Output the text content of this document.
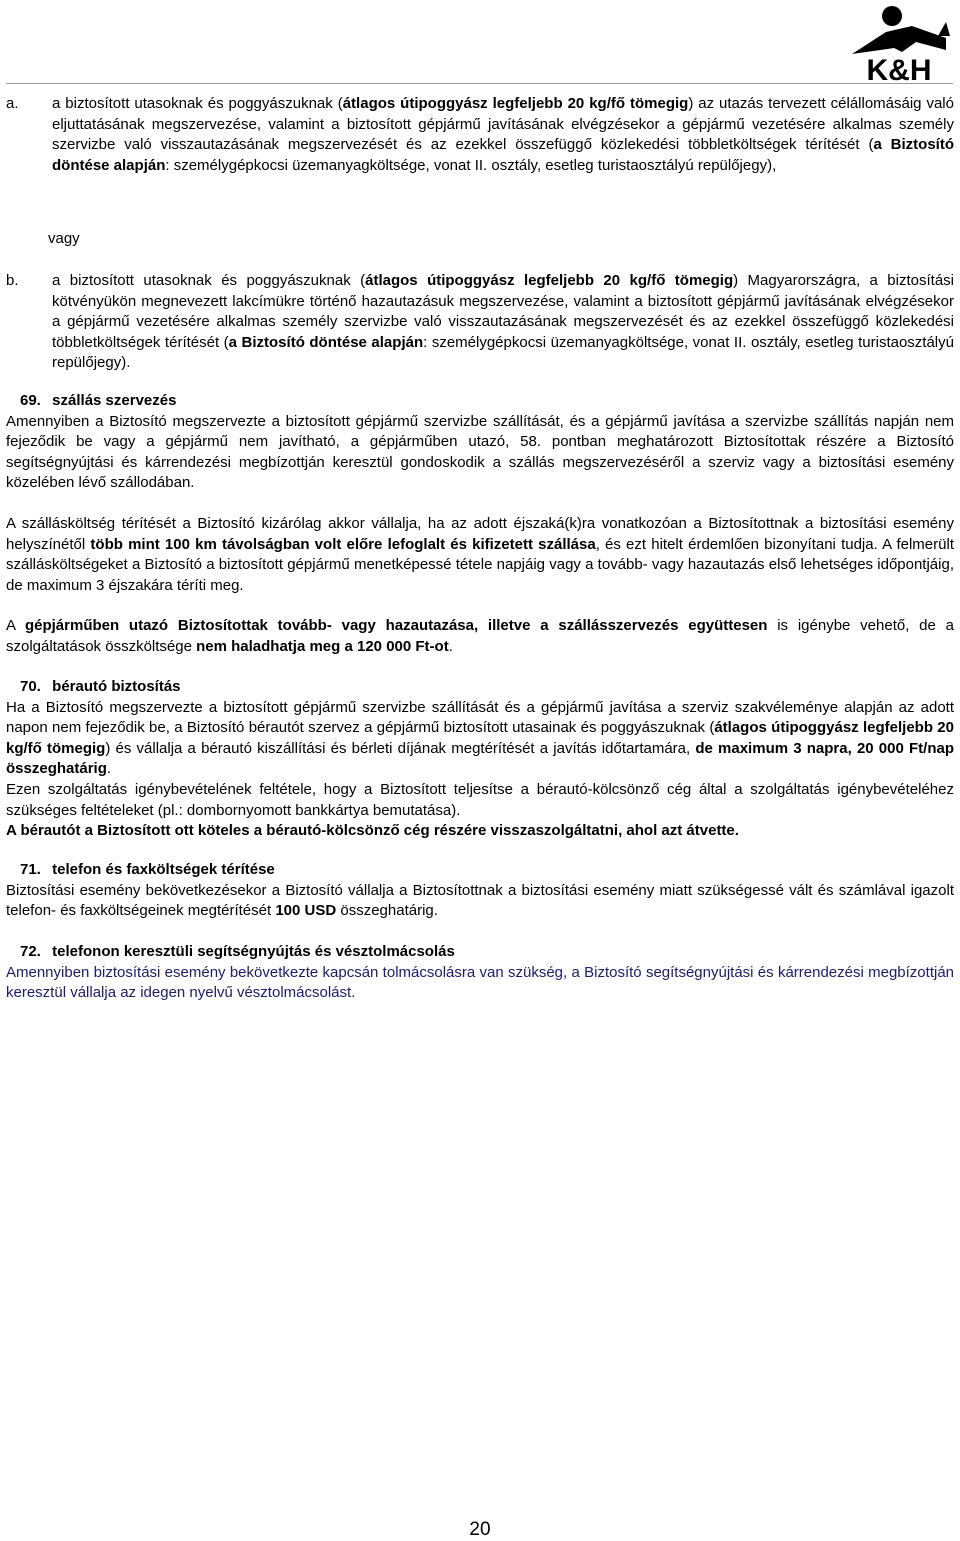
K&H
a. a biztosított utasoknak és poggyászuknak (átlagos útipoggyász legfeljebb 20 kg/fő tömegig) az utazás tervezett célállomásáig való eljuttatásának megszervezése, valamint a biztosított gépjármű javításának elvégzésekor a gépjármű vezetésére alkalmas személy szervizbe való visszautazásának megszervezését és az ezekkel összefüggő közlekedési többletköltségek térítését (a Biztosító döntése alapján: személygépkocsi üzemanyagköltsége, vonat II. osztály, esetleg turistaosztályú repülőjegy),

vagy
b. a biztosított utasoknak és poggyászuknak (átlagos útipoggyász legfeljebb 20 kg/fő tömegig) Magyarországra, a biztosítási kötvényükön megnevezett lakcímükre történő hazautazásuk megszervezése, valamint a biztosított gépjármű javításának elvégzésekor a gépjármű vezetésére alkalmas személy szervizbe való visszautazásának megszervezését és az ezekkel összefüggő közlekedési többletköltségek térítését (a Biztosító döntése alapján: személygépkocsi üzemanyagköltsége, vonat II. osztály, esetleg turistaosztályú repülőjegy).

69. szállás szervezés

Amennyiben a Biztosító megszervezte a biztosított gépjármű szervizbe szállítását, és a gépjármű javítása a szervizbe szállítás napján nem fejeződik be vagy a gépjármű nem javítható, a gépjárműben utazó, 58. pontban meghatározott Biztosítottak részére a Biztosító segítségnyújtási és kárrendezési megbízottján keresztül gondoskodik a szállás megszervezéséről a szerviz vagy a biztosítási esemény közelében lévő szállodában.

A szállásköltség térítését a Biztosító kizárólag akkor vállalja, ha az adott éjszaká(k)ra vonatkozóan a Biztosítottnak a biztosítási esemény helyszínétől több mint 100 km távolságban volt előre lefoglalt és kifizetett szállása, és ezt hitelt érdemlően bizonyítani tudja. A felmerült szállásköltségeket a Biztosító a biztosított gépjármű menetképessé tétele napjáig vagy a tovább- vagy hazautazás első lehetséges időpontjáig, de maximum 3 éjszakára téríti meg.

A gépjárműben utazó Biztosítottak tovább- vagy hazautazása, illetve a szállásszervezés együttesen is igénybe vehető, de a szolgáltatások összköltsége nem haladhatja meg a 120 000 Ft-ot.

70. bérautó biztosítás

Ha a Biztosító megszervezte a biztosított gépjármű szervizbe szállítását és a gépjármű javítása a szerviz szakvéleménye alapján az adott napon nem fejeződik be, a Biztosító bérautót szervez a gépjármű biztosított utasainak és poggyászuknak (átlagos útipoggyász legfeljebb 20 kg/fő tömegig) és vállalja a bérautó kiszállítási és bérleti díjának megtérítését a javítás időtartamára, de maximum 3 napra, 20 000 Ft/nap összeghatárig.

Ezen szolgáltatás igénybevételének feltétele, hogy a Biztosított teljesítse a bérautó-kölcsönző cég által a szolgáltatás igénybevételéhez szükséges feltételeket (pl.: dombornyomott bankkártya bemutatása).

A bérautót a Biztosított ott köteles a bérautó-kölcsönző cég részére visszaszolgáltatni, ahol azt átvette.

71. telefon és faxköltségek térítése

Biztosítási esemény bekövetkezésekor a Biztosító vállalja a Biztosítottnak a biztosítási esemény miatt szükségessé vált és számlával igazolt telefon- és faxköltségeinek megtérítését 100 USD összeghatárig.

72. telefonon keresztüli segítségnyújtás és vésztolmácsolás

Amennyiben biztosítási esemény bekövetkezte kapcsán tolmácsolásra van szükség, a Biztosító segítségnyújtási és kárrendezési megbízottján keresztül vállalja az idegen nyelvű vésztolmácsolást.

20
